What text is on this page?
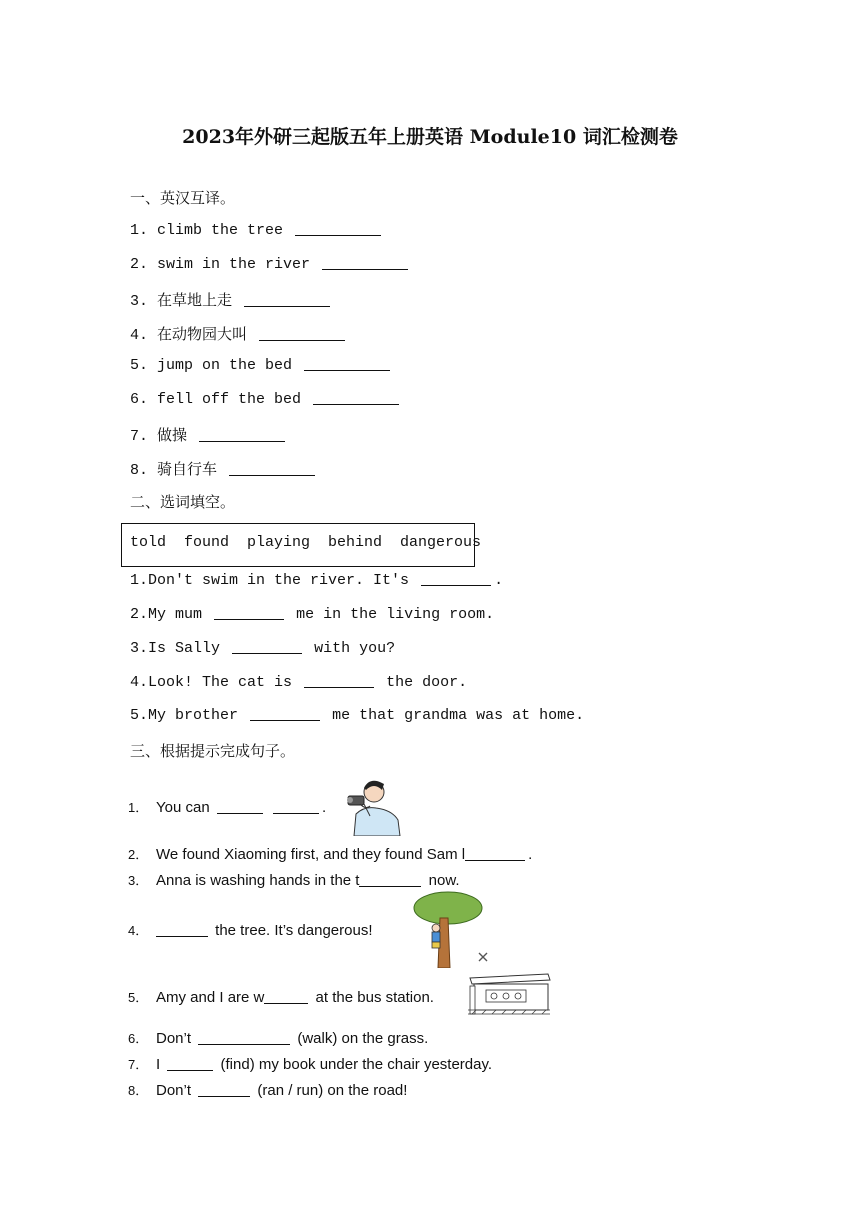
2023年外研三起版五年上册英语 Module10 词汇检测卷
一、英汉互译。
1. climb the tree
2. swim in the river
3. 在草地上走
4. 在动物园大叫
5. jump on the bed
6. fell off the bed
7. 做操
8. 骑自行车
二、选词填空。
told  found  playing  behind  dangerous
1.Don't swim in the river. It's	.
2.My mum	me in the living room.
3.Is Sally	with you?
4.Look! The cat is	the door.
5.My brother	me that grandma was at home.
三、根据提示完成句子。
1． You can	.
2． We found Xiaoming first, and they found Sam l	.
3． Anna is washing hands in the t	now.
4．	the tree. It’s dangerous!
5． Amy and I are w	at the bus station.
6． Don’t	(walk) on the grass.
7． I	(find) my book under the chair yesterday.
8． Don’t	(ran / run) on the road!
